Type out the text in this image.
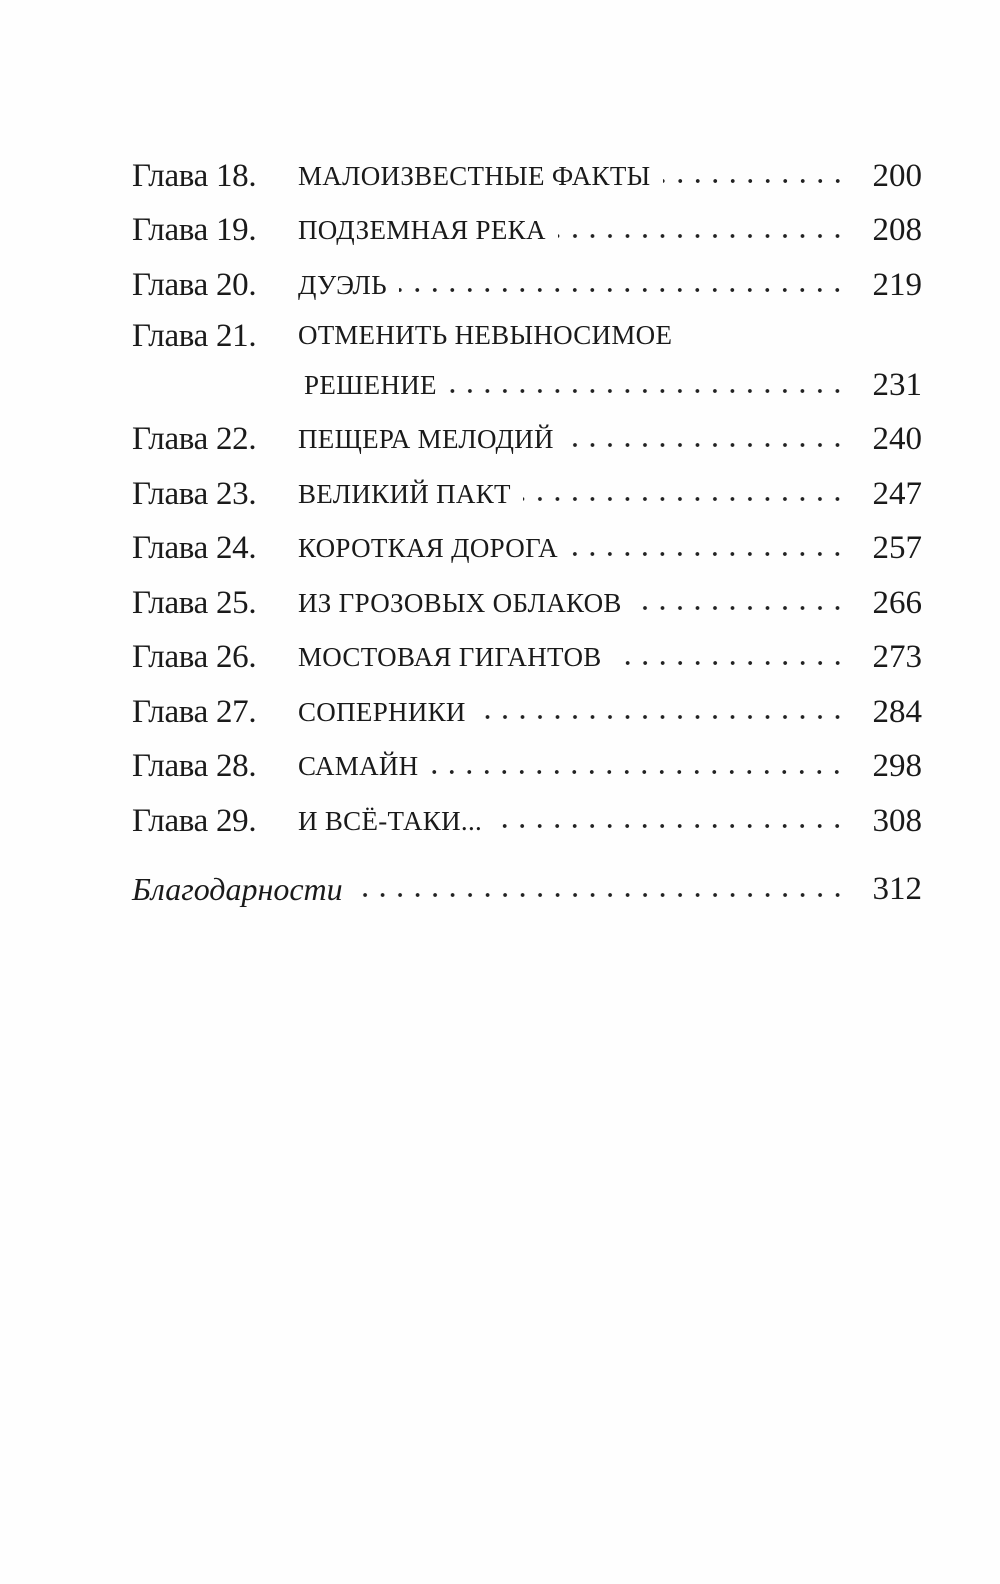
Глава 18.	МАЛОИЗВЕСТНЫЕ ФАКТЫ	200
Глава 19.	ПОДЗЕМНАЯ РЕКА	208
Глава 20.	ДУЭЛЬ	219
Глава 21.	ОТМЕНИТЬ НЕВЫНОСИМОЕ
РЕШЕНИЕ	231
Глава 22.	ПЕЩЕРА МЕЛОДИЙ	240
Глава 23.	ВЕЛИКИЙ ПАКТ	247
Глава 24.	КОРОТКАЯ ДОРОГА	257
Глава 25.	ИЗ ГРОЗОВЫХ ОБЛАКОВ	266
Глава 26.	МОСТОВАЯ ГИГАНТОВ	273
Глава 27.	СОПЕРНИКИ	284
Глава 28.	САМАЙН	298
Глава 29.	И ВСЁ-ТАКИ...	308
Благодарности	312
